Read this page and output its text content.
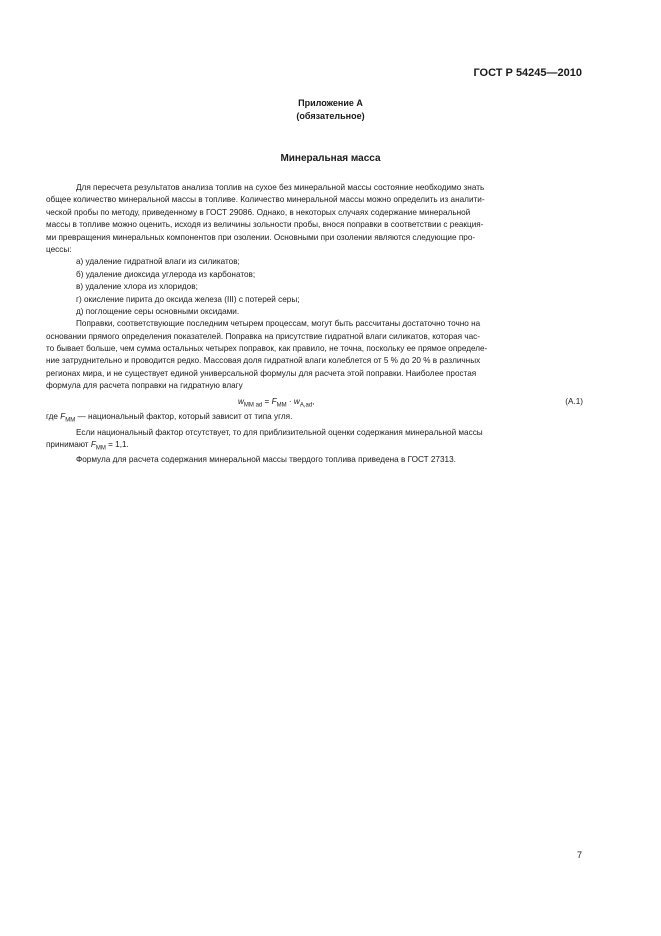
ГОСТ Р 54245—2010
Приложение А
(обязательное)
Минеральная масса
Для пересчета результатов анализа топлив на сухое без минеральной массы состояние необходимо знать
общее количество минеральной массы в топливе. Количество минеральной массы можно определить из аналити-
ческой пробы по методу, приведенному в ГОСТ 29086. Однако, в некоторых случаях содержание минеральной
массы в топливе можно оценить, исходя из величины зольности пробы, внося поправки в соответствии с реакция-
ми превращения минеральных компонентов при озолении. Основными при озолении являются следующие про-
цессы:
а) удаление гидратной влаги из силикатов;
б) удаление диоксида углерода из карбонатов;
в) удаление хлора из хлоридов;
г) окисление пирита до оксида железа (III) с потерей серы;
д) поглощение серы основными оксидами.
Поправки, соответствующие последним четырем процессам, могут быть рассчитаны достаточно точно на
основании прямого определения показателей. Поправка на присутствие гидратной влаги силикатов, которая час-
то бывает больше, чем сумма остальных четырех поправок, как правило, не точна, поскольку ее прямое определе-
ние затруднительно и проводится редко. Массовая доля гидратной влаги колеблется от 5 % до 20 % в различных
регионах мира, и не существует единой универсальной формулы для расчета этой поправки. Наиболее простая
формула для расчета поправки на гидратную влагу
$w_{MM ad} = F_{MM} \cdot w_{A,ad}$,	(А.1)
где $F_{MM}$ — национальный фактор, который зависит от типа угля.
Если национальный фактор отсутствует, то для приблизительной оценки содержания минеральной массы
принимают $F_{MM} = 1,1$.
Формула для расчета содержания минеральной массы твердого топлива приведена в ГОСТ 27313.
7
